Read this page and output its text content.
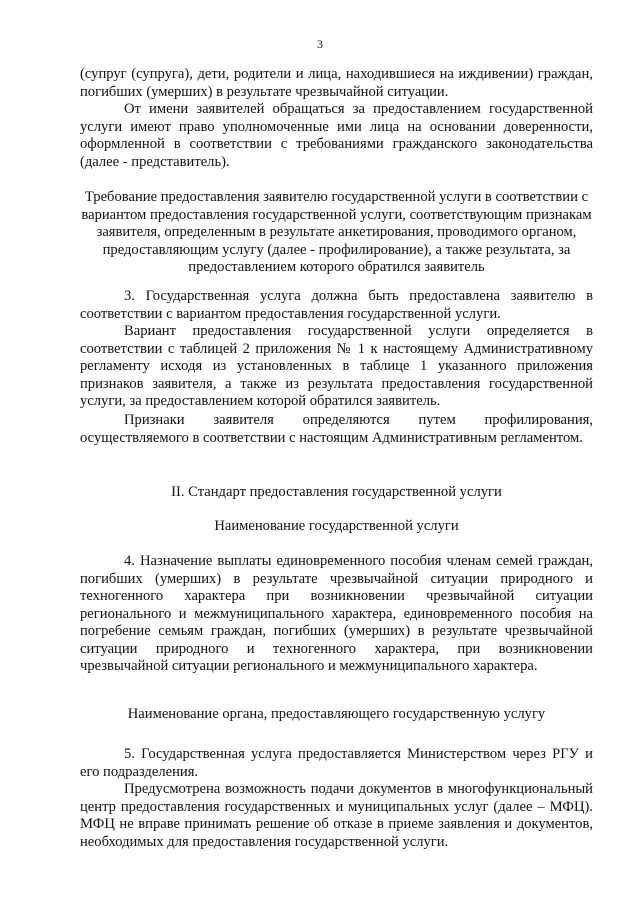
3

(супруг (супруга), дети, родители и лица, находившиеся на иждивении) граждан, погибших (умерших) в результате чрезвычайной ситуации.

От имени заявителей обращаться за предоставлением государственной услуги имеют право уполномоченные ими лица на основании доверенности, оформленной в соответствии с требованиями гражданского законодательства (далее - представитель).

Требование предоставления заявителю государственной услуги в соответствии с вариантом предоставления государственной услуги, соответствующим признакам заявителя, определенным в результате анкетирования, проводимого органом, предоставляющим услугу (далее - профилирование), а также результата, за предоставлением которого обратился заявитель

3. Государственная услуга должна быть предоставлена заявителю в соответствии с вариантом предоставления государственной услуги.

Вариант предоставления государственной услуги определяется в соответствии с таблицей 2 приложения № 1 к настоящему Административному регламенту исходя из установленных в таблице 1 указанного приложения признаков заявителя, а также из результата предоставления государственной услуги, за предоставлением которой обратился заявитель.

Признаки заявителя определяются путем профилирования, осуществляемого в соответствии с настоящим Административным регламентом.

II. Стандарт предоставления государственной услуги
Наименование государственной услуги

4. Назначение выплаты единовременного пособия членам семей граждан, погибших (умерших) в результате чрезвычайной ситуации природного и техногенного характера при возникновении чрезвычайной ситуации регионального и межмуниципального характера, единовременного пособия на погребение семьям граждан, погибших (умерших) в результате чрезвычайной ситуации природного и техногенного характера, при возникновении чрезвычайной ситуации регионального и межмуниципального характера.

Наименование органа, предоставляющего государственную услугу

5. Государственная услуга предоставляется Министерством через РГУ и его подразделения.

Предусмотрена возможность подачи документов в многофункциональный центр предоставления государственных и муниципальных услуг (далее – МФЦ). МФЦ не вправе принимать решение об отказе в приеме заявления и документов, необходимых для предоставления государственной услуги.
